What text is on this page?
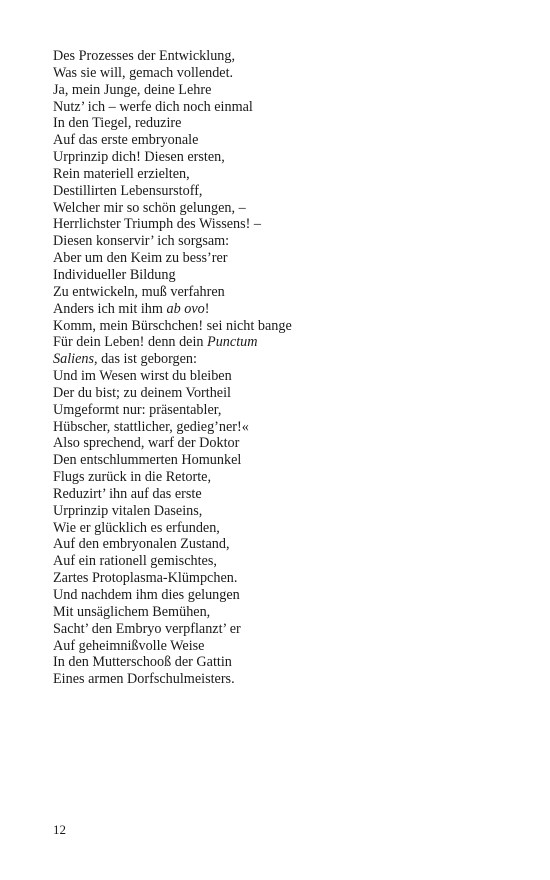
Des Prozesses der Entwicklung,
Was sie will, gemach vollendet.
Ja, mein Junge, deine Lehre
Nutz’ ich – werfe dich noch einmal
In den Tiegel, reduzire
Auf das erste embryonale
Urprinzip dich! Diesen ersten,
Rein materiell erzielten,
Destillirten Lebensurstoff,
Welcher mir so schön gelungen, –
Herrlichster Triumph des Wissens! –
Diesen konservir’ ich sorgsam:
Aber um den Keim zu bess’rer
Individueller Bildung
Zu entwickeln, muß verfahren
Anders ich mit ihm ab ovo!
Komm, mein Bürschchen! sei nicht bange
Für dein Leben! denn dein Punctum
Saliens, das ist geborgen:
Und im Wesen wirst du bleiben
Der du bist; zu deinem Vortheil
Umgeformt nur: präsentabler,
Hübscher, stattlicher, gedieg’ner!«
Also sprechend, warf der Doktor
Den entschlummerten Homunkel
Flugs zurück in die Retorte,
Reduzirt’ ihn auf das erste
Urprinzip vitalen Daseins,
Wie er glücklich es erfunden,
Auf den embryonalen Zustand,
Auf ein rationell gemischtes,
Zartes Protoplasma-Klümpchen.
Und nachdem ihm dies gelungen
Mit unsäglichem Bemühen,
Sacht’ den Embryo verpflanzt’ er
Auf geheimnißvolle Weise
In den Mutterschooß der Gattin
Eines armen Dorfschulmeisters.
12
